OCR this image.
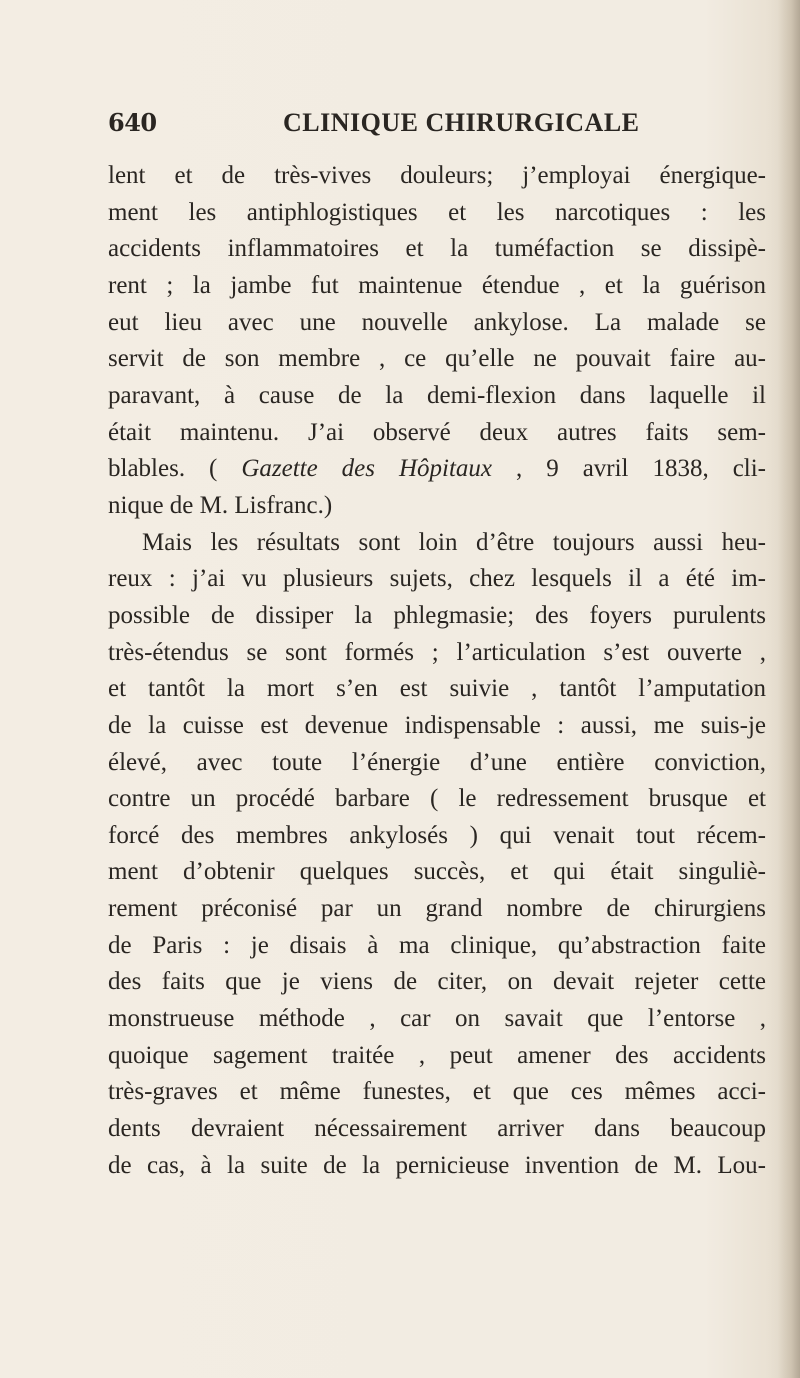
640	CLINIQUE CHIRURGICALE
lent et de très-vives douleurs; j’employai énergique-
ment les antiphlogistiques et les narcotiques : les
accidents inflammatoires et la tuméfaction se dissipè-
rent ; la jambe fut maintenue étendue , et la guérison
eut lieu avec une nouvelle ankylose. La malade se
servit de son membre , ce qu’elle ne pouvait faire au-
paravant, à cause de la demi-flexion dans laquelle il
était maintenu. J’ai observé deux autres faits sem-
blables. ( Gazette des Hôpitaux , 9 avril 1838, cli-
nique de M. Lisfranc.)
Mais les résultats sont loin d’être toujours aussi heu-
reux : j’ai vu plusieurs sujets, chez lesquels il a été im-
possible de dissiper la phlegmasie; des foyers purulents
très-étendus se sont formés ; l’articulation s’est ouverte ,
et tantôt la mort s’en est suivie , tantôt l’amputation
de la cuisse est devenue indispensable : aussi, me suis-je
élevé, avec toute l’énergie d’une entière conviction,
contre un procédé barbare ( le redressement brusque et
forcé des membres ankylosés ) qui venait tout récem-
ment d’obtenir quelques succès, et qui était singuliè-
rement préconisé par un grand nombre de chirurgiens
de Paris : je disais à ma clinique, qu’abstraction faite
des faits que je viens de citer, on devait rejeter cette
monstrueuse méthode , car on savait que l’entorse ,
quoique sagement traitée , peut amener des accidents
très-graves et même funestes, et que ces mêmes acci-
dents devraient nécessairement arriver dans beaucoup
de cas, à la suite de la pernicieuse invention de M. Lou-
